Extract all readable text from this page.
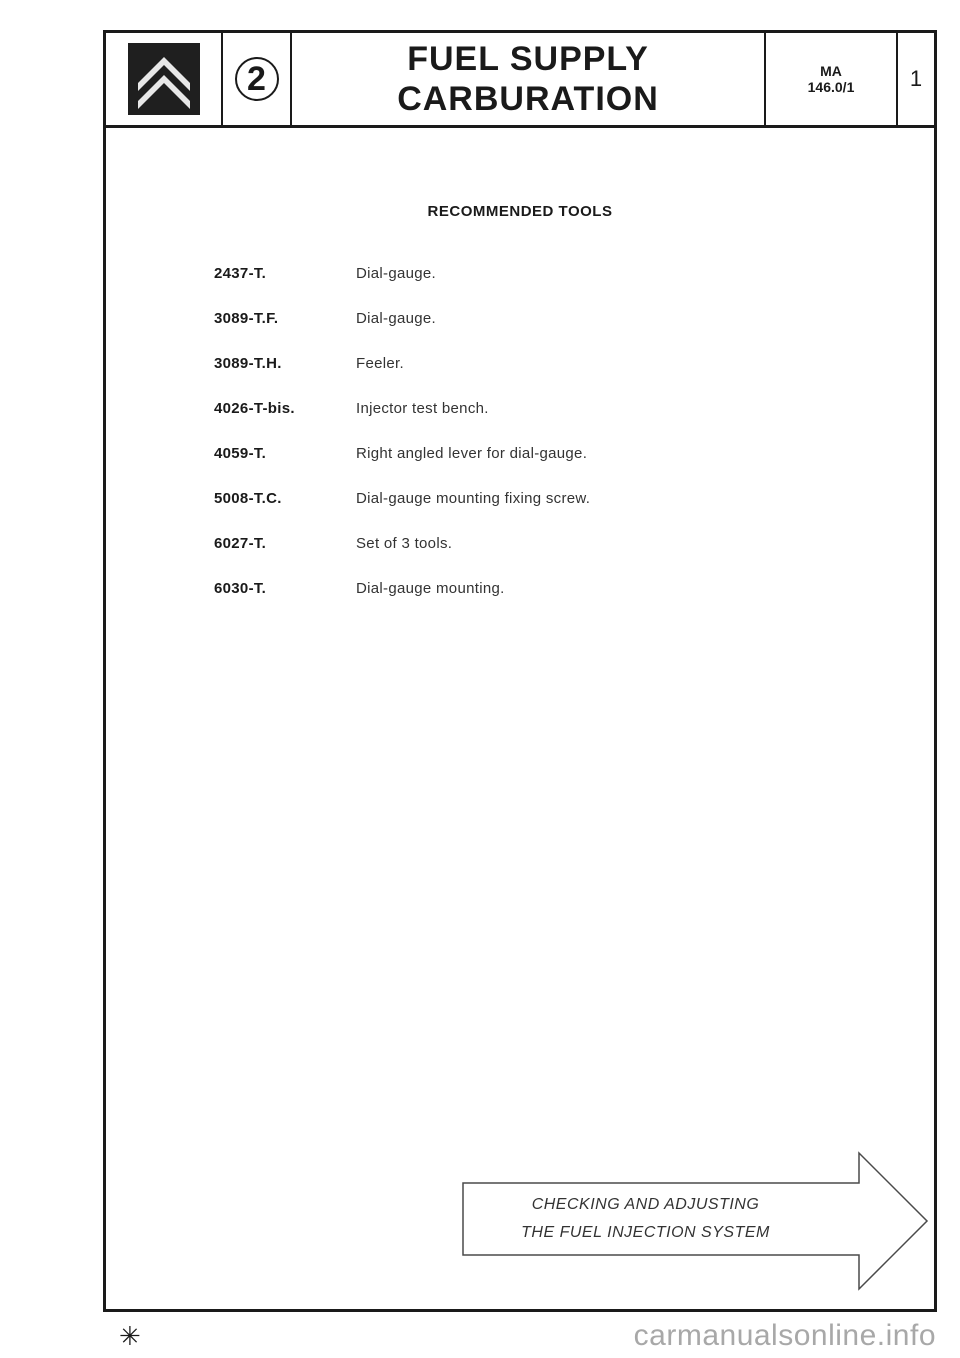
2
FUEL SUPPLY
CARBURATION
MA
146.0/1	1
RECOMMENDED TOOLS
2437-T.	Dial-gauge.
3089-T.F.	Dial-gauge.
3089-T.H.	Feeler.
4026-T-bis.	Injector test bench.
4059-T.	Right angled lever for dial-gauge.
5008-T.C.	Dial-gauge mounting fixing screw.
6027-T.	Set of 3 tools.
6030-T.	Dial-gauge mounting.
CHECKING AND ADJUSTING
THE FUEL INJECTION SYSTEM
✳	carmanualsonline.info
